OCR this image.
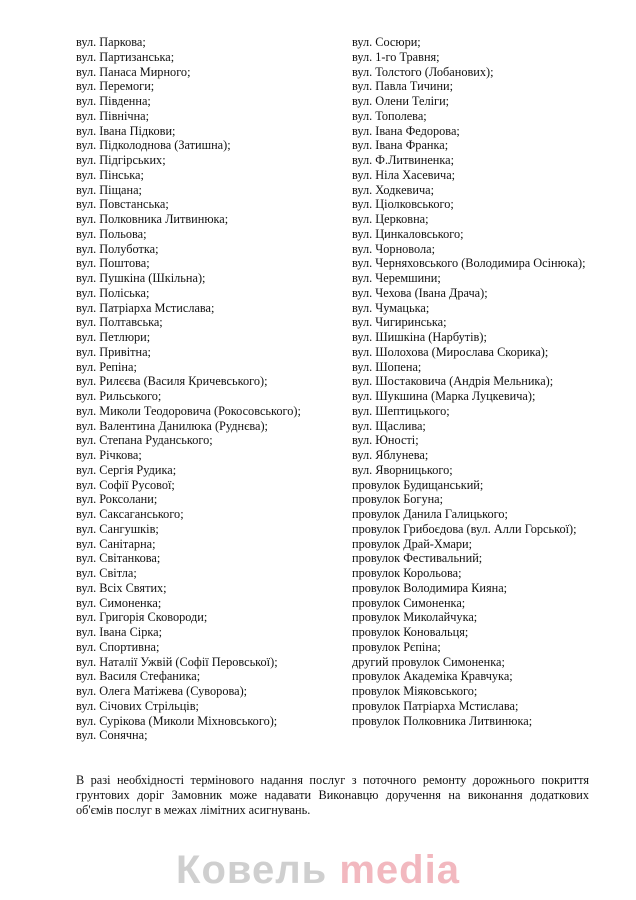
вул. Паркова;
вул. Партизанська;
вул. Панаса Мирного;
вул. Перемоги;
вул. Південна;
вул. Північна;
вул. Івана Підкови;
вул. Підколоднова (Затишна);
вул. Підгірських;
вул. Пінська;
вул. Піщана;
вул. Повстанська;
вул. Полковника Литвинюка;
вул. Польова;
вул. Полуботка;
вул. Поштова;
вул. Пушкіна (Шкільна);
вул. Поліська;
вул. Патріарха Мстислава;
вул. Полтавська;
вул. Петлюри;
вул. Привітна;
вул. Репіна;
вул. Рилєєва (Василя Кричевського);
вул. Рильського;
вул. Миколи Теодоровича (Рокосовського);
вул. Валентина Данилюка (Руднєва);
вул. Степана Руданського;
вул. Річкова;
вул. Сергія Рудика;
вул. Софії Русової;
вул. Роксолани;
вул. Саксаганського;
вул. Сангушків;
вул. Санітарна;
вул. Світанкова;
вул. Світла;
вул. Всіх Святих;
вул. Симоненка;
вул. Григорія Сковороди;
вул. Івана Сірка;
вул. Спортивна;
вул. Наталії Ужвій (Софії Перовської);
вул. Василя Стефаника;
вул. Олега Матіжева (Суворова);
вул. Січових Стрільців;
вул. Сурікова (Миколи Міхновського);
вул. Сонячна;
вул. Сосюри;
вул. 1-го Травня;
вул. Толстого (Лобанових);
вул. Павла Тичини;
вул. Олени Теліги;
вул. Тополева;
вул. Івана Федорова;
вул. Івана Франка;
вул. Ф.Литвиненка;
вул. Ніла Хасевича;
вул. Ходкевича;
вул. Ціолковського;
вул. Церковна;
вул. Цинкаловського;
вул. Чорновола;
вул. Черняховського (Володимира Осінюка);
вул. Черемшини;
вул. Чехова (Івана Драча);
вул. Чумацька;
вул. Чигиринська;
вул. Шишкіна (Нарбутів);
вул. Шолохова (Мирослава Скорика);
вул. Шопена;
вул. Шостаковича (Андрія Мельника);
вул. Шукшина (Марка Луцкевича);
вул. Шептицького;
вул. Щаслива;
вул. Юності;
вул. Яблунева;
вул. Яворницького;
провулок Будищанський;
провулок Богуна;
провулок Данила Галицького;
провулок Грибоєдова (вул. Алли Горської);
провулок Драй-Хмари;
провулок Фестивальний;
провулок Корольова;
провулок Володимира Кияна;
провулок Симоненка;
провулок Миколайчука;
провулок Коновальця;
провулок Рєпіна;
другий провулок Симоненка;
провулок Академіка Кравчука;
провулок Міяковського;
провулок Патріарха Мстислава;
провулок Полковника Литвинюка;

В разі необхідності термінового надання послуг з поточного ремонту дорожнього покриття грунтових доріг Замовник може надавати Виконавцю доручення на виконання додаткових об'ємів послуг в межах лімітних асигнувань.

Ковель media
